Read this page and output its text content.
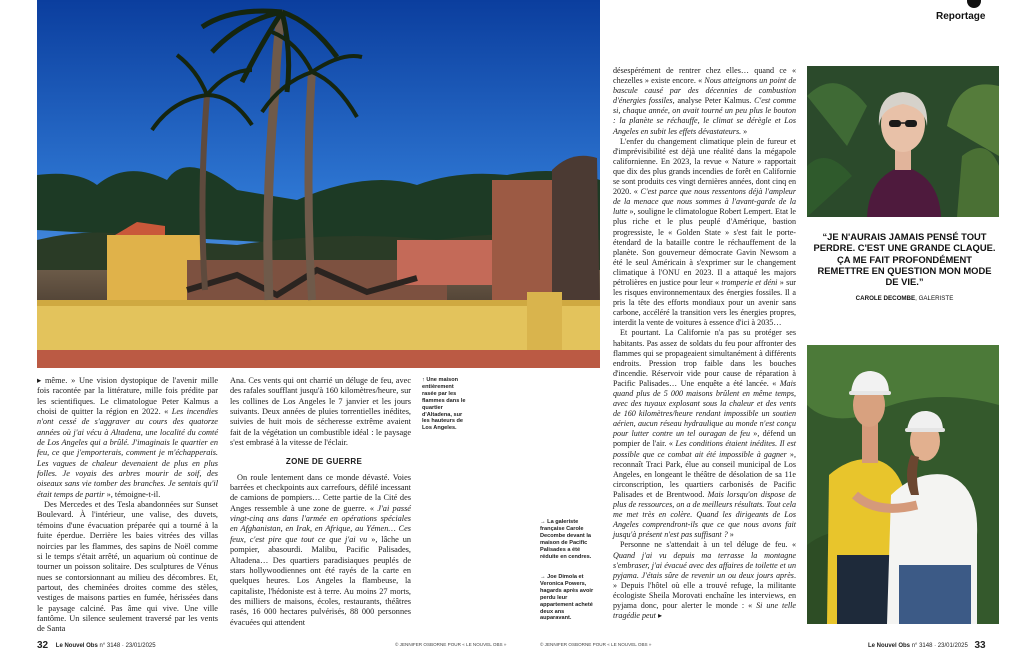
Reportage
↑ Une maison entièrement rasée par les flammes dans le quartier d'Altadena, sur les hauteurs de Los Angeles.
→ La galeriste française Carole Decombe devant la maison de Pacific Palisades a été réduite en cendres.
→ Joe Dimola et Veronica Powers, hagards après avoir perdu leur appartement acheté deux ans auparavant.
“JE N'AURAIS JAMAIS PENSÉ TOUT PERDRE. C'EST UNE GRANDE CLAQUE. ÇA ME FAIT PROFONDÉMENT REMETTRE EN QUESTION MON MODE DE VIE.”
CAROLE DECOMBE, GALERISTE

▸ même. » Une vision dystopique de l'avenir mille fois racontée par la littérature, mille fois prédite par les scientifiques. Le climatologue Peter Kalmus a choisi de quitter la région en 2022. « Les incendies n'ont cessé de s'aggraver au cours des quatorze années où j'ai vécu à Altadena, une localité du comté de Los Angeles qui a brûlé. J'imaginais le quartier en feu, ce que j'emporterais, comment je m'échapperais. Les vagues de chaleur devenaient de plus en plus folles. Je voyais des arbres mourir de soif, des oiseaux sans vie tomber des branches. Je sentais qu'il était temps de partir », témoigne-t-il.

Des Mercedes et des Tesla abandonnées sur Sunset Boulevard. À l'intérieur, une valise, des duvets, témoins d'une évacuation préparée qui a tourné à la fuite éperdue. Derrière les baies vitrées des villas noircies par les flammes, des sapins de Noël comme si le temps s'était arrêté, un aquarium où continue de tourner un poisson solitaire. Des sculptures de Vénus nues se contorsionnant au milieu des décombres. Et, partout, des cheminées droites comme des stèles, vestiges de maisons parties en fumée, hérissées dans le paysage calciné. Pas âme qui vive. Une ville fantôme. Un silence seulement traversé par les vents de Santa

Ana. Ces vents qui ont charrié un déluge de feu, avec des rafales soufflant jusqu'à 160 kilomètres/heure, sur les collines de Los Angeles le 7 janvier et les jours suivants. Deux années de pluies torrentielles inédites, suivies de huit mois de sécheresse extrême avaient fait de la végétation un combustible idéal : le paysage s'est embrasé à la vitesse de l'éclair.

ZONE DE GUERRE

On roule lentement dans ce monde dévasté. Voies barrées et checkpoints aux carrefours, défilé incessant de camions de pompiers… Cette partie de la Cité des Anges ressemble à une zone de guerre. « J'ai passé vingt-cinq ans dans l'armée en opérations spéciales en Afghanistan, en Irak, en Afrique, au Yémen… Ces feux, c'est pire que tout ce que j'ai vu », lâche un pompier, abasourdi. Malibu, Pacific Palisades, Altadena… Des quartiers paradisiaques peuplés de stars hollywoodiennes ont été rayés de la carte en quelques heures. Los Angeles la flambeuse, la capitaliste, l'hédoniste est à terre. Au moins 27 morts, des milliers de maisons, écoles, restaurants, théâtres rasés, 16 000 hectares pulvérisés, 88 000 personnes évacuées qui attendent

désespérément de rentrer chez elles… quand ce « chezelles » existe encore. « Nous atteignons un point de bascule causé par des décennies de combustion d'énergies fossiles, analyse Peter Kalmus. C'est comme si, chaque année, on avait tourné un peu plus le bouton : la planète se réchauffe, le climat se dérègle et Los Angeles en subit les effets dévastateurs. »

L'enfer du changement climatique plein de fureur et d'imprévisibilité est déjà une réalité dans la mégapole californienne. En 2023, la revue « Nature » rapportait que dix des plus grands incendies de forêt en Californie se sont produits ces vingt dernières années, dont cinq en 2020. « C'est parce que nous ressentons déjà l'ampleur de la menace que nous sommes à l'avant-garde de la lutte », souligne le climatologue Robert Lempert. Etat le plus riche et le plus peuplé d'Amérique, bastion progressiste, le « Golden State » s'est fait le porte-étendard de la bataille contre le réchauffement de la planète. Son gouverneur démocrate Gavin Newsom a été le seul Américain à s'exprimer sur le changement climatique à l'ONU en 2023. Il a attaqué les majors pétrolières en justice pour leur « tromperie et déni » sur les risques environnementaux des énergies fossiles. Il a pris la tête des efforts mondiaux pour un avenir sans carbone, accéléré la transition vers les énergies propres, interdit la vente de voitures à essence d'ici à 2035…

Et pourtant. La Californie n'a pas su protéger ses habitants. Pas assez de soldats du feu pour affronter des flammes qui se propageaient simultanément à différents endroits. Pression trop faible dans les bouches d'incendie. Réservoir vide pour cause de réparation à Pacific Palisades… Une enquête a été lancée. « Mais quand plus de 5 000 maisons brûlent en même temps, avec des tuyaux explosant sous la chaleur et des vents de 160 kilomètres/heure rendant impossible un soutien aérien, aucun réseau hydraulique au monde n'est conçu pour lutter contre un tel ouragan de feu », défend un pompier de l'air. « Les conditions étaient inédites. Il est possible que ce combat ait été impossible à gagner », reconnaît Traci Park, élue au conseil municipal de Los Angeles, en longeant le théâtre de désolation de sa 11e circonscription, les quartiers carbonisés de Pacific Palisades et de Brentwood. Mais lorsqu'on dispose de plus de ressources, on a de meilleurs résultats. Tout cela me met très en colère. Quand les dirigeants de Los Angeles comprendront-ils que ce que nous avons fait jusqu'à présent n'est pas suffisant ? »

Personne ne s'attendait à un tel déluge de feu. « Quand j'ai vu depuis ma terrasse la montagne s'embraser, j'ai évacué avec des affaires de toilette et un pyjama. J'étais sûre de revenir un ou deux jours après. » Depuis l'hôtel où elle a trouvé refuge, la militante écologiste Sheila Morovati enchaîne les interviews, en pyjama donc, pour alerter le monde : « Si une telle tragédie peut ▸

32 Le Nouvel Obs n° 3148 · 23/01/2025	© JENNIFER OSBORNE POUR « LE NOUVEL OBS »	© JENNIFER OSBORNE POUR « LE NOUVEL OBS »	Le Nouvel Obs n° 3148 · 23/01/2025 33
